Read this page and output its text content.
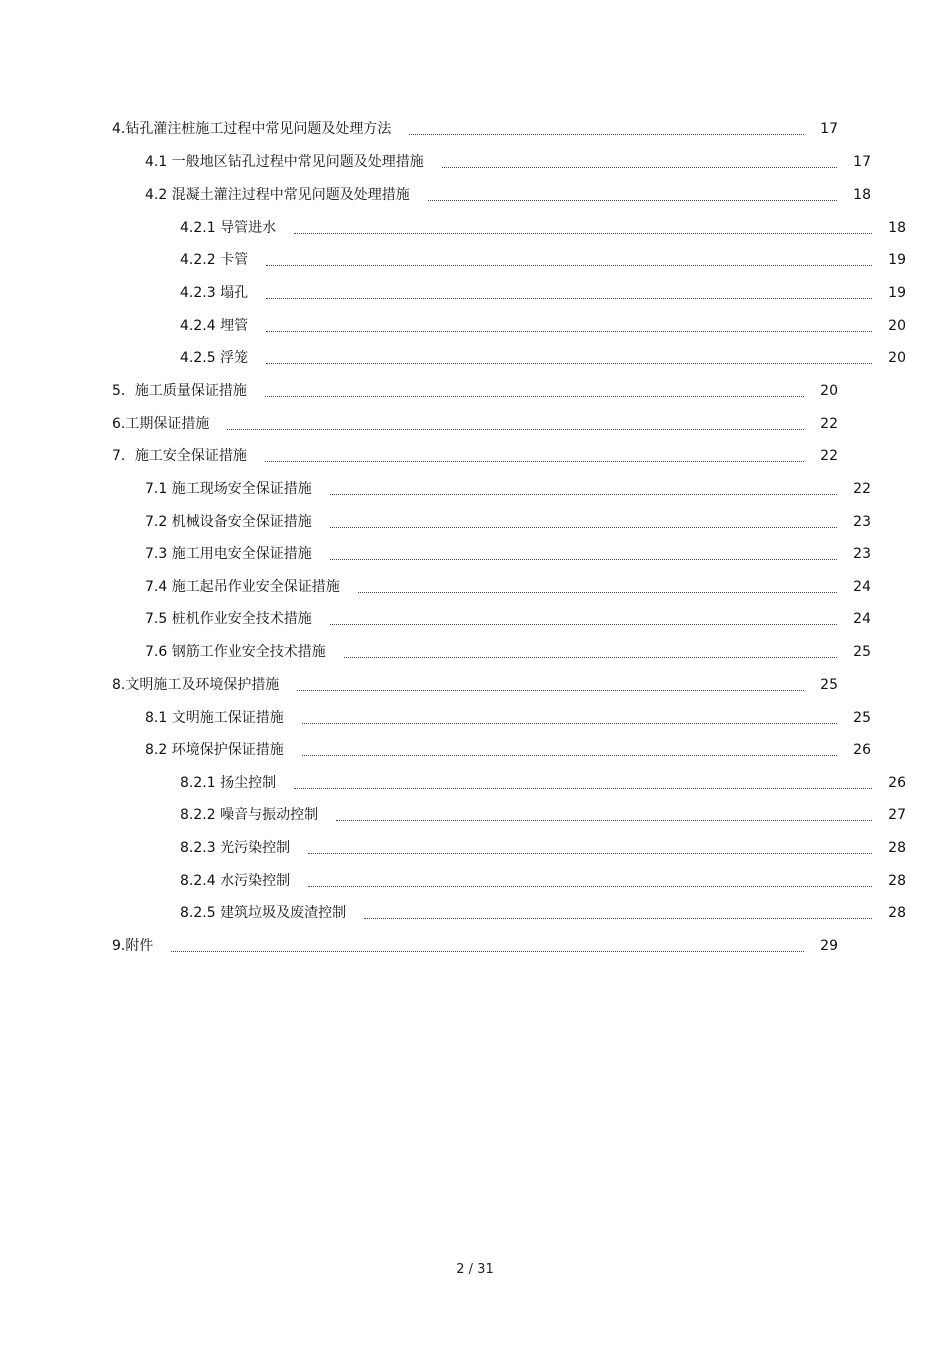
4.钻孔灌注桩施工过程中常见问题及处理方法	17
4.1 一般地区钻孔过程中常见问题及处理措施	17
4.2 混凝土灌注过程中常见问题及处理措施	18
4.2.1 导管进水	18
4.2.2 卡管	19
4.2.3 塌孔	19
4.2.4 埋管	20
4.2.5 浮笼	20
5．施工质量保证措施	20
6.工期保证措施	22
7．施工安全保证措施	22
7.1 施工现场安全保证措施	22
7.2 机械设备安全保证措施	23
7.3 施工用电安全保证措施	23
7.4 施工起吊作业安全保证措施	24
7.5 桩机作业安全技术措施	24
7.6 钢筋工作业安全技术措施	25
8.文明施工及环境保护措施	25
8.1 文明施工保证措施	25
8.2 环境保护保证措施	26
8.2.1 扬尘控制	26
8.2.2 噪音与振动控制	27
8.2.3 光污染控制	28
8.2.4 水污染控制	28
8.2.5 建筑垃圾及废渣控制	28
9.附件	29
2 / 31
